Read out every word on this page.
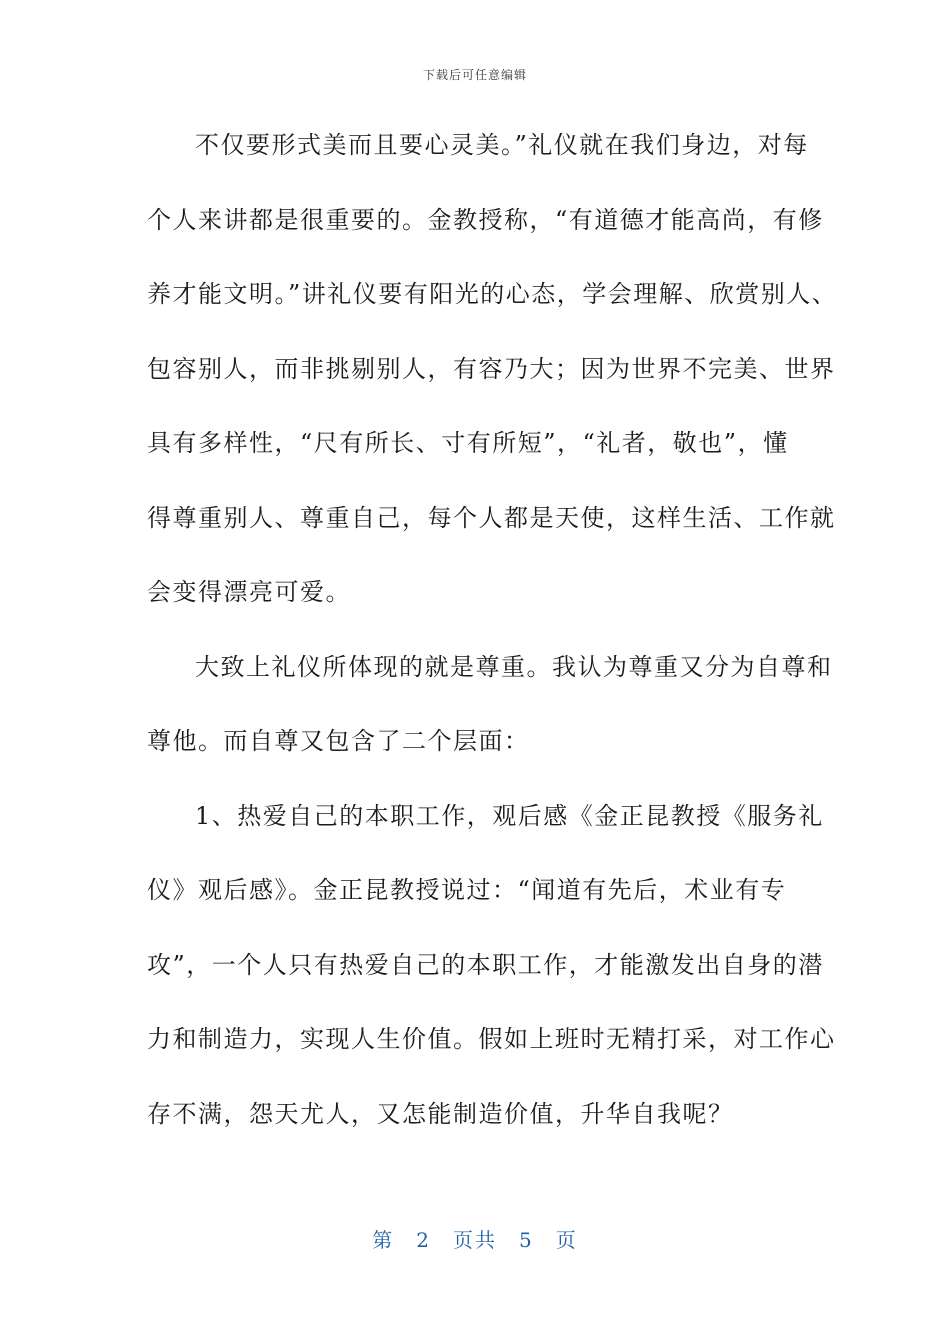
下载后可任意编辑
不仅要形式美而且要心灵美。”礼仪就在我们身边，对每
个人来讲都是很重要的。金教授称，“有道德才能高尚，有修
养才能文明。”讲礼仪要有阳光的心态，学会理解、欣赏别人、
包容别人，而非挑剔别人，有容乃大；因为世界不完美、世界
具有多样性，“尺有所长、寸有所短”，“礼者，敬也”，懂
得尊重别人、尊重自己，每个人都是天使，这样生活、工作就
会变得漂亮可爱。
大致上礼仪所体现的就是尊重。我认为尊重又分为自尊和
尊他。而自尊又包含了二个层面：
1、热爱自己的本职工作，观后感《金正昆教授《服务礼
仪》观后感》。金正昆教授说过：“闻道有先后，术业有专
攻”，一个人只有热爱自己的本职工作，才能激发出自身的潜
力和制造力，实现人生价值。假如上班时无精打采，对工作心
存不满，怨天尤人，又怎能制造价值，升华自我呢？
第 2 页共 5 页
